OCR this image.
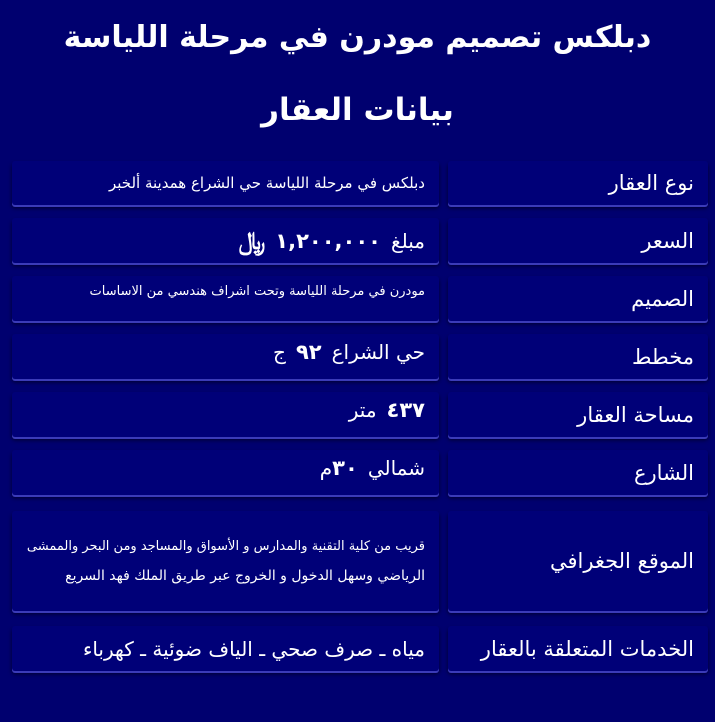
دبلكس تصميم مودرن في مرحلة اللياسة
بيانات العقار
نوع العقار
دبلكس في مرحلة اللياسة حي الشراع همدينة ألخبر
السعر
مبلغ
١,٢٠٠,٠٠٠
﷼
الصميم
مودرن في مرحلة اللياسة وتحت اشراف هندسي من الاساسات
مخطط
حي الشراع
٩٢
ج
مساحة العقار
٤٣٧
متر
الشارع
شمالي
٣٠
م
الموقع الجغرافي
قريب من كلية التقنية والمدارس و الأسواق والمساجد ومن البحر والممشى
الرياضي وسهل الدخول و الخروج عبر طريق الملك فهد السريع
الخدمات المتعلقة بالعقار
مياه ـ صرف صحي ـ الياف ضوئية ـ كهرباء
